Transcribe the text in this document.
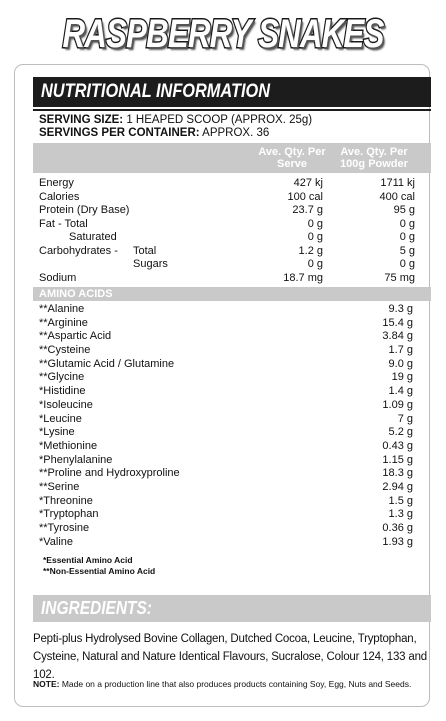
RASPBERRY SNAKES
NUTRITIONAL INFORMATION
SERVING SIZE: 1 HEAPED SCOOP (APPROX. 25g)
SERVINGS PER CONTAINER: APPROX. 36
Ave. Qty. Per Serve
Ave. Qty. Per 100g Powder
Energy	427 kj	1711 kj
Calories	100 cal	400 cal
Protein (Dry Base)	23.7 g	95 g
Fat - Total	0 g	0 g
Saturated	0 g	0 g
Carbohydrates - Total	1.2 g	5 g
Sugars	0 g	0 g
Sodium	18.7 mg	75 mg
AMINO ACIDS
**Alanine	9.3 g
**Arginine	15.4 g
**Aspartic Acid	3.84 g
**Cysteine	1.7 g
**Glutamic Acid / Glutamine	9.0 g
**Glycine	19 g
*Histidine	1.4 g
*Isoleucine	1.09 g
*Leucine	7 g
*Lysine	5.2 g
*Methionine	0.43 g
*Phenylalanine	1.15 g
**Proline and Hydroxyproline	18.3 g
**Serine	2.94 g
*Threonine	1.5 g
*Tryptophan	1.3 g
**Tyrosine	0.36 g
*Valine	1.93 g
*Essential Amino Acid
**Non-Essential Amino Acid
INGREDIENTS:
Pepti-plus Hydrolysed Bovine Collagen, Dutched Cocoa, Leucine, Tryptophan, Cysteine, Natural and Nature Identical Flavours, Sucralose, Colour 124, 133 and 102.
NOTE: Made on a production line that also produces products containing Soy, Egg, Nuts and Seeds.
